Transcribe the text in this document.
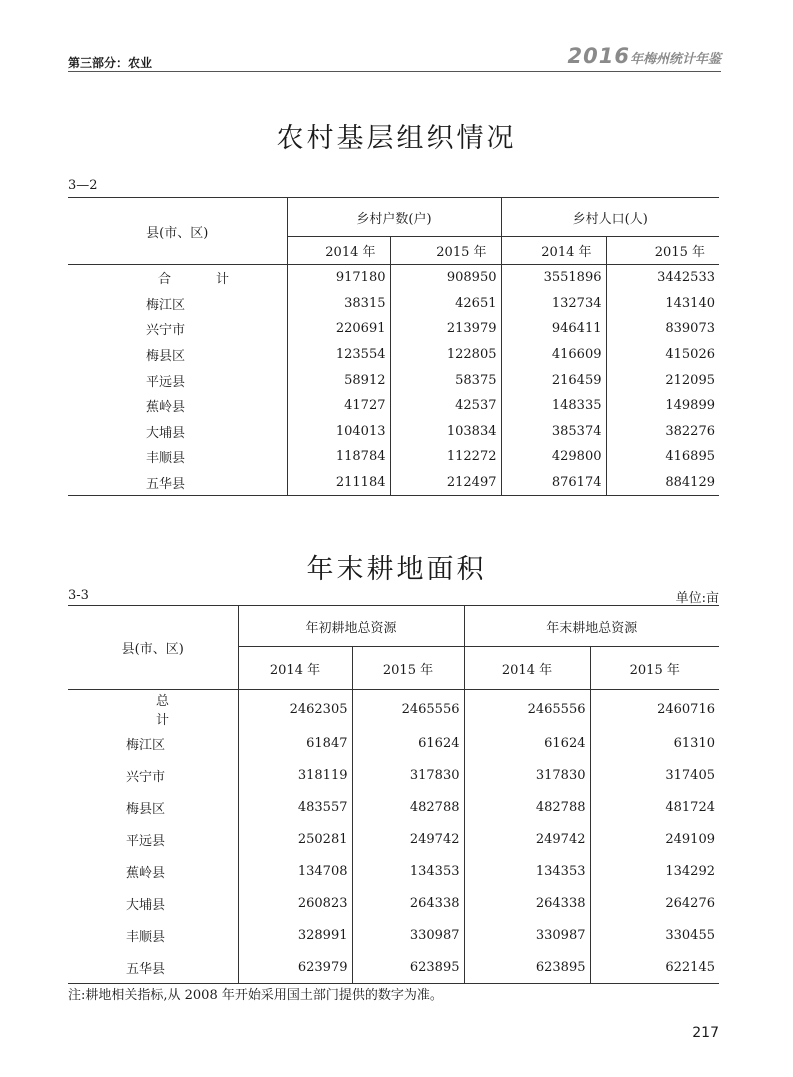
第三部分：农业	2016年梅州统计年鉴
农村基层组织情况
3—2
县(市、区)	乡村户数(户)		乡村人口(人)	
	2014 年	2015 年	2014 年	2015 年
合　计	917180	908950	3551896	3442533
梅江区	38315	42651	132734	143140
兴宁市	220691	213979	946411	839073
梅县区	123554	122805	416609	415026
平远县	58912	58375	216459	212095
蕉岭县	41727	42537	148335	149899
大埔县	104013	103834	385374	382276
丰顺县	118784	112272	429800	416895
五华县	211184	212497	876174	884129
年末耕地面积
3-3	单位:亩
县(市、区)	年初耕地总资源		年末耕地总资源	
	2014 年	2015 年	2014 年	2015 年
总　计	2462305	2465556	2465556	2460716
梅江区	61847	61624	61624	61310
兴宁市	318119	317830	317830	317405
梅县区	483557	482788	482788	481724
平远县	250281	249742	249742	249109
蕉岭县	134708	134353	134353	134292
大埔县	260823	264338	264338	264276
丰顺县	328991	330987	330987	330455
五华县	623979	623895	623895	622145
注:耕地相关指标,从 2008 年开始采用国土部门提供的数字为准。
217
